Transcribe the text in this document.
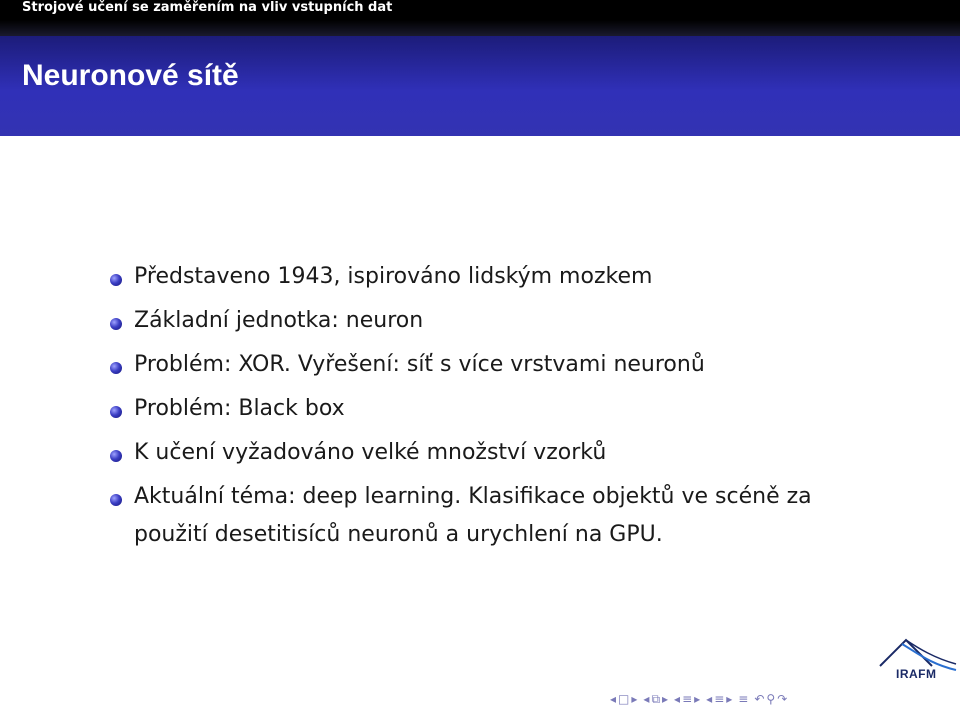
Strojové učení se zaměřením na vliv vstupních dat
Neuronové sítě
Představeno 1943, ispirováno lidským mozkem
Základní jednotka: neuron
Problém: XOR. Vyřešení: síť s více vrstvami neuronů
Problém: Black box
K učení vyžadováno velké množství vzorků
Aktuální téma: deep learning. Klasifikace objektů ve scéně za
použití desetitisíců neuronů a urychlení na GPU.
IRAFM
◂ □ ▸ ◂ ⧉ ▸ ◂ ≡ ▸ ◂ ≡ ▸ ≡ ↶ ⚲ ↷
